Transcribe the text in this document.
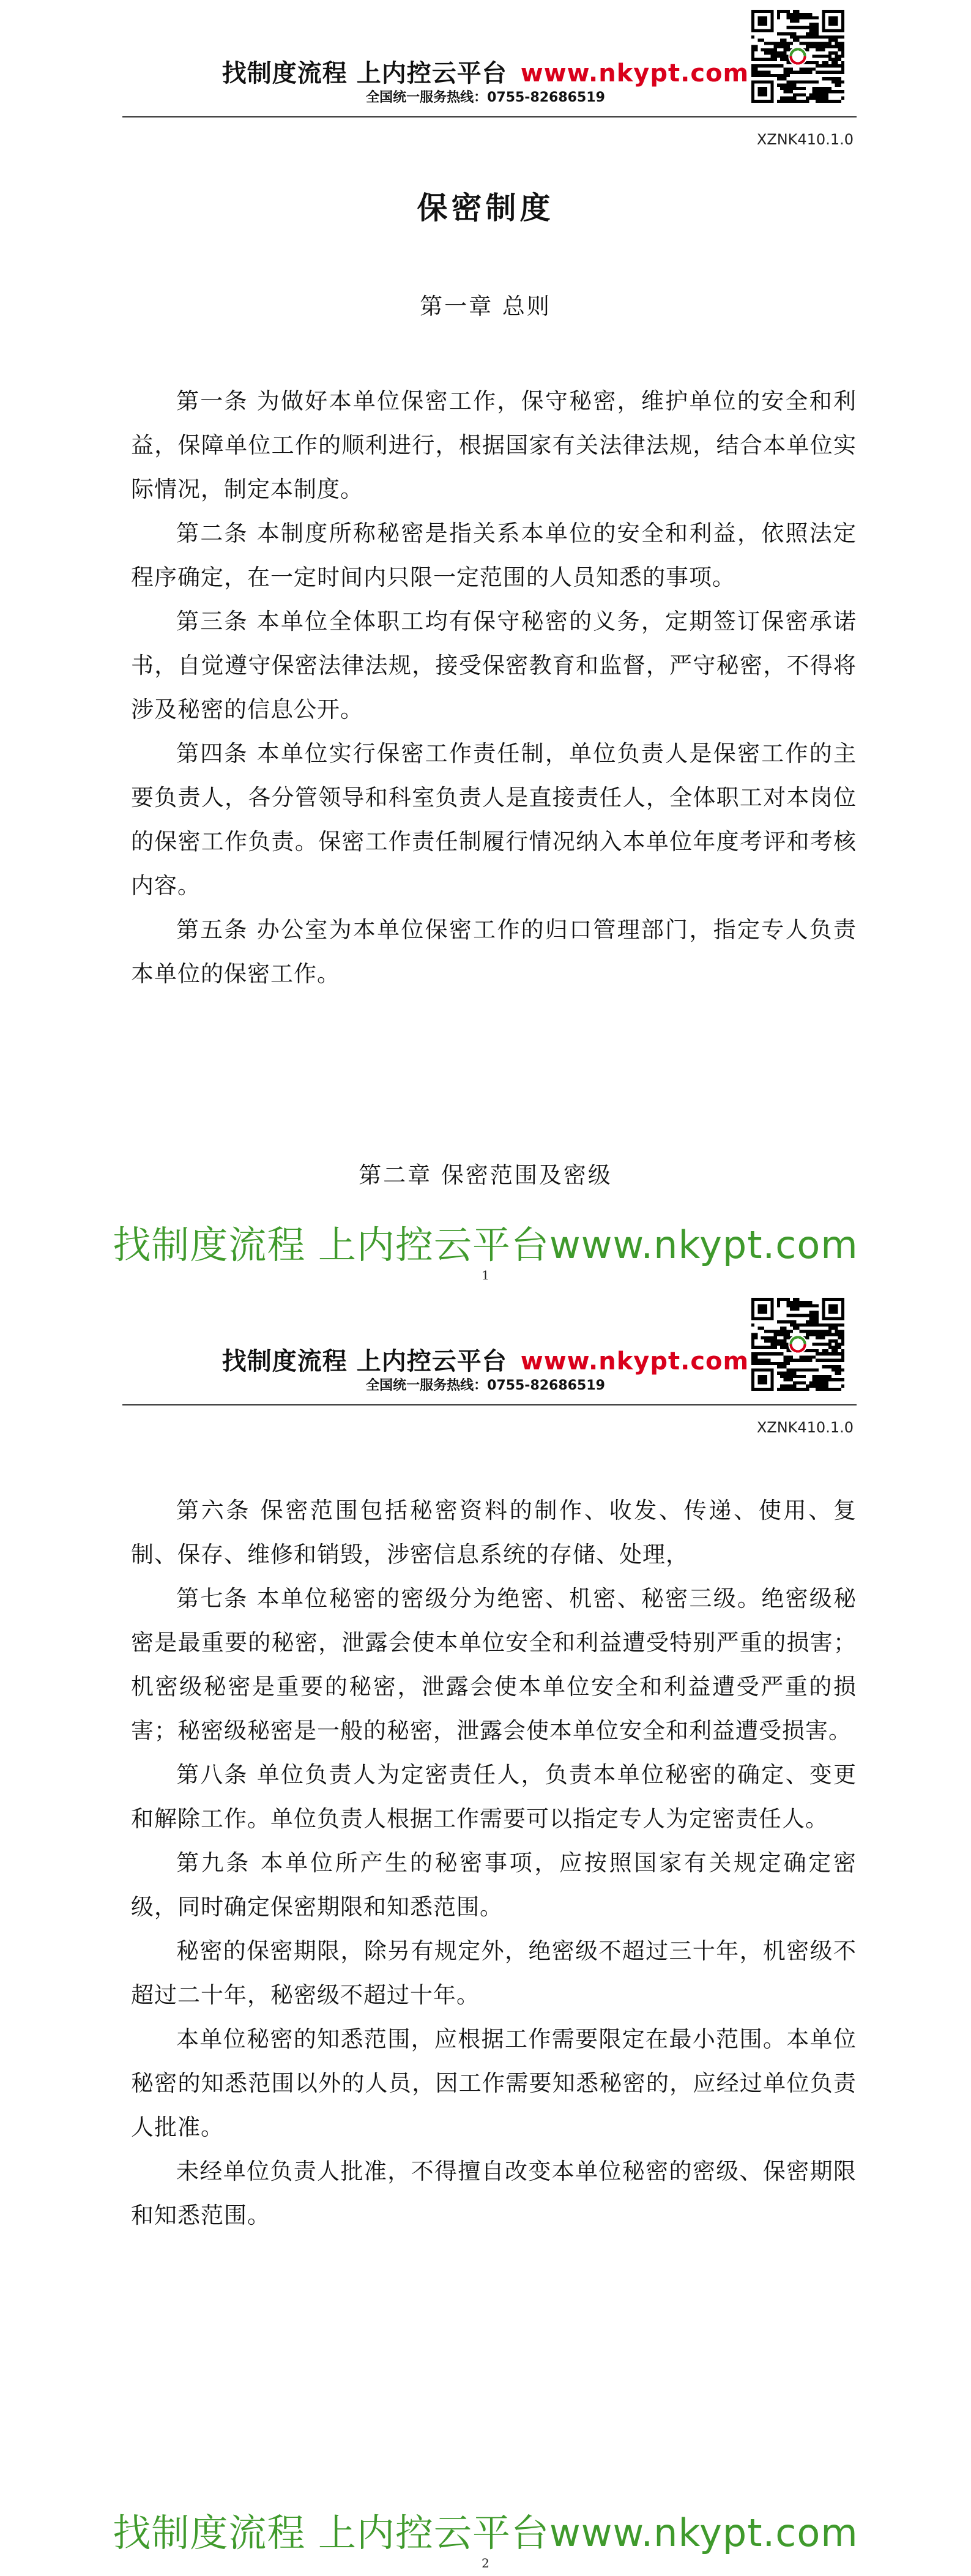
找制度流程 上内控云平台 www.nkypt.com
全国统一服务热线：0755-82686519
XZNK410.1.0
保密制度
第一章 总则

第一条 为做好本单位保密工作，保守秘密，维护单位的安全和利益，保障单位工作的顺利进行，根据国家有关法律法规，结合本单位实际情况，制定本制度。

第二条 本制度所称秘密是指关系本单位的安全和利益，依照法定程序确定，在一定时间内只限一定范围的人员知悉的事项。

第三条 本单位全体职工均有保守秘密的义务，定期签订保密承诺书，自觉遵守保密法律法规，接受保密教育和监督，严守秘密，不得将涉及秘密的信息公开。

第四条 本单位实行保密工作责任制，单位负责人是保密工作的主要负责人，各分管领导和科室负责人是直接责任人，全体职工对本岗位的保密工作负责。保密工作责任制履行情况纳入本单位年度考评和考核内容。

第五条 办公室为本单位保密工作的归口管理部门，指定专人负责本单位的保密工作。

第二章 保密范围及密级
找制度流程 上内控云平台www.nkypt.com
1
找制度流程 上内控云平台 www.nkypt.com
全国统一服务热线：0755-82686519
XZNK410.1.0

第六条 保密范围包括秘密资料的制作、收发、传递、使用、复制、保存、维修和销毁，涉密信息系统的存储、处理，

第七条 本单位秘密的密级分为绝密、机密、秘密三级。绝密级秘密是最重要的秘密，泄露会使本单位安全和利益遭受特别严重的损害；机密级秘密是重要的秘密，泄露会使本单位安全和利益遭受严重的损害；秘密级秘密是一般的秘密，泄露会使本单位安全和利益遭受损害。

第八条 单位负责人为定密责任人，负责本单位秘密的确定、变更和解除工作。单位负责人根据工作需要可以指定专人为定密责任人。

第九条 本单位所产生的秘密事项，应按照国家有关规定确定密级，同时确定保密期限和知悉范围。

秘密的保密期限，除另有规定外，绝密级不超过三十年，机密级不超过二十年，秘密级不超过十年。

本单位秘密的知悉范围，应根据工作需要限定在最小范围。本单位秘密的知悉范围以外的人员，因工作需要知悉秘密的，应经过单位负责人批准。

未经单位负责人批准，不得擅自改变本单位秘密的密级、保密期限和知悉范围。

找制度流程 上内控云平台www.nkypt.com
2
